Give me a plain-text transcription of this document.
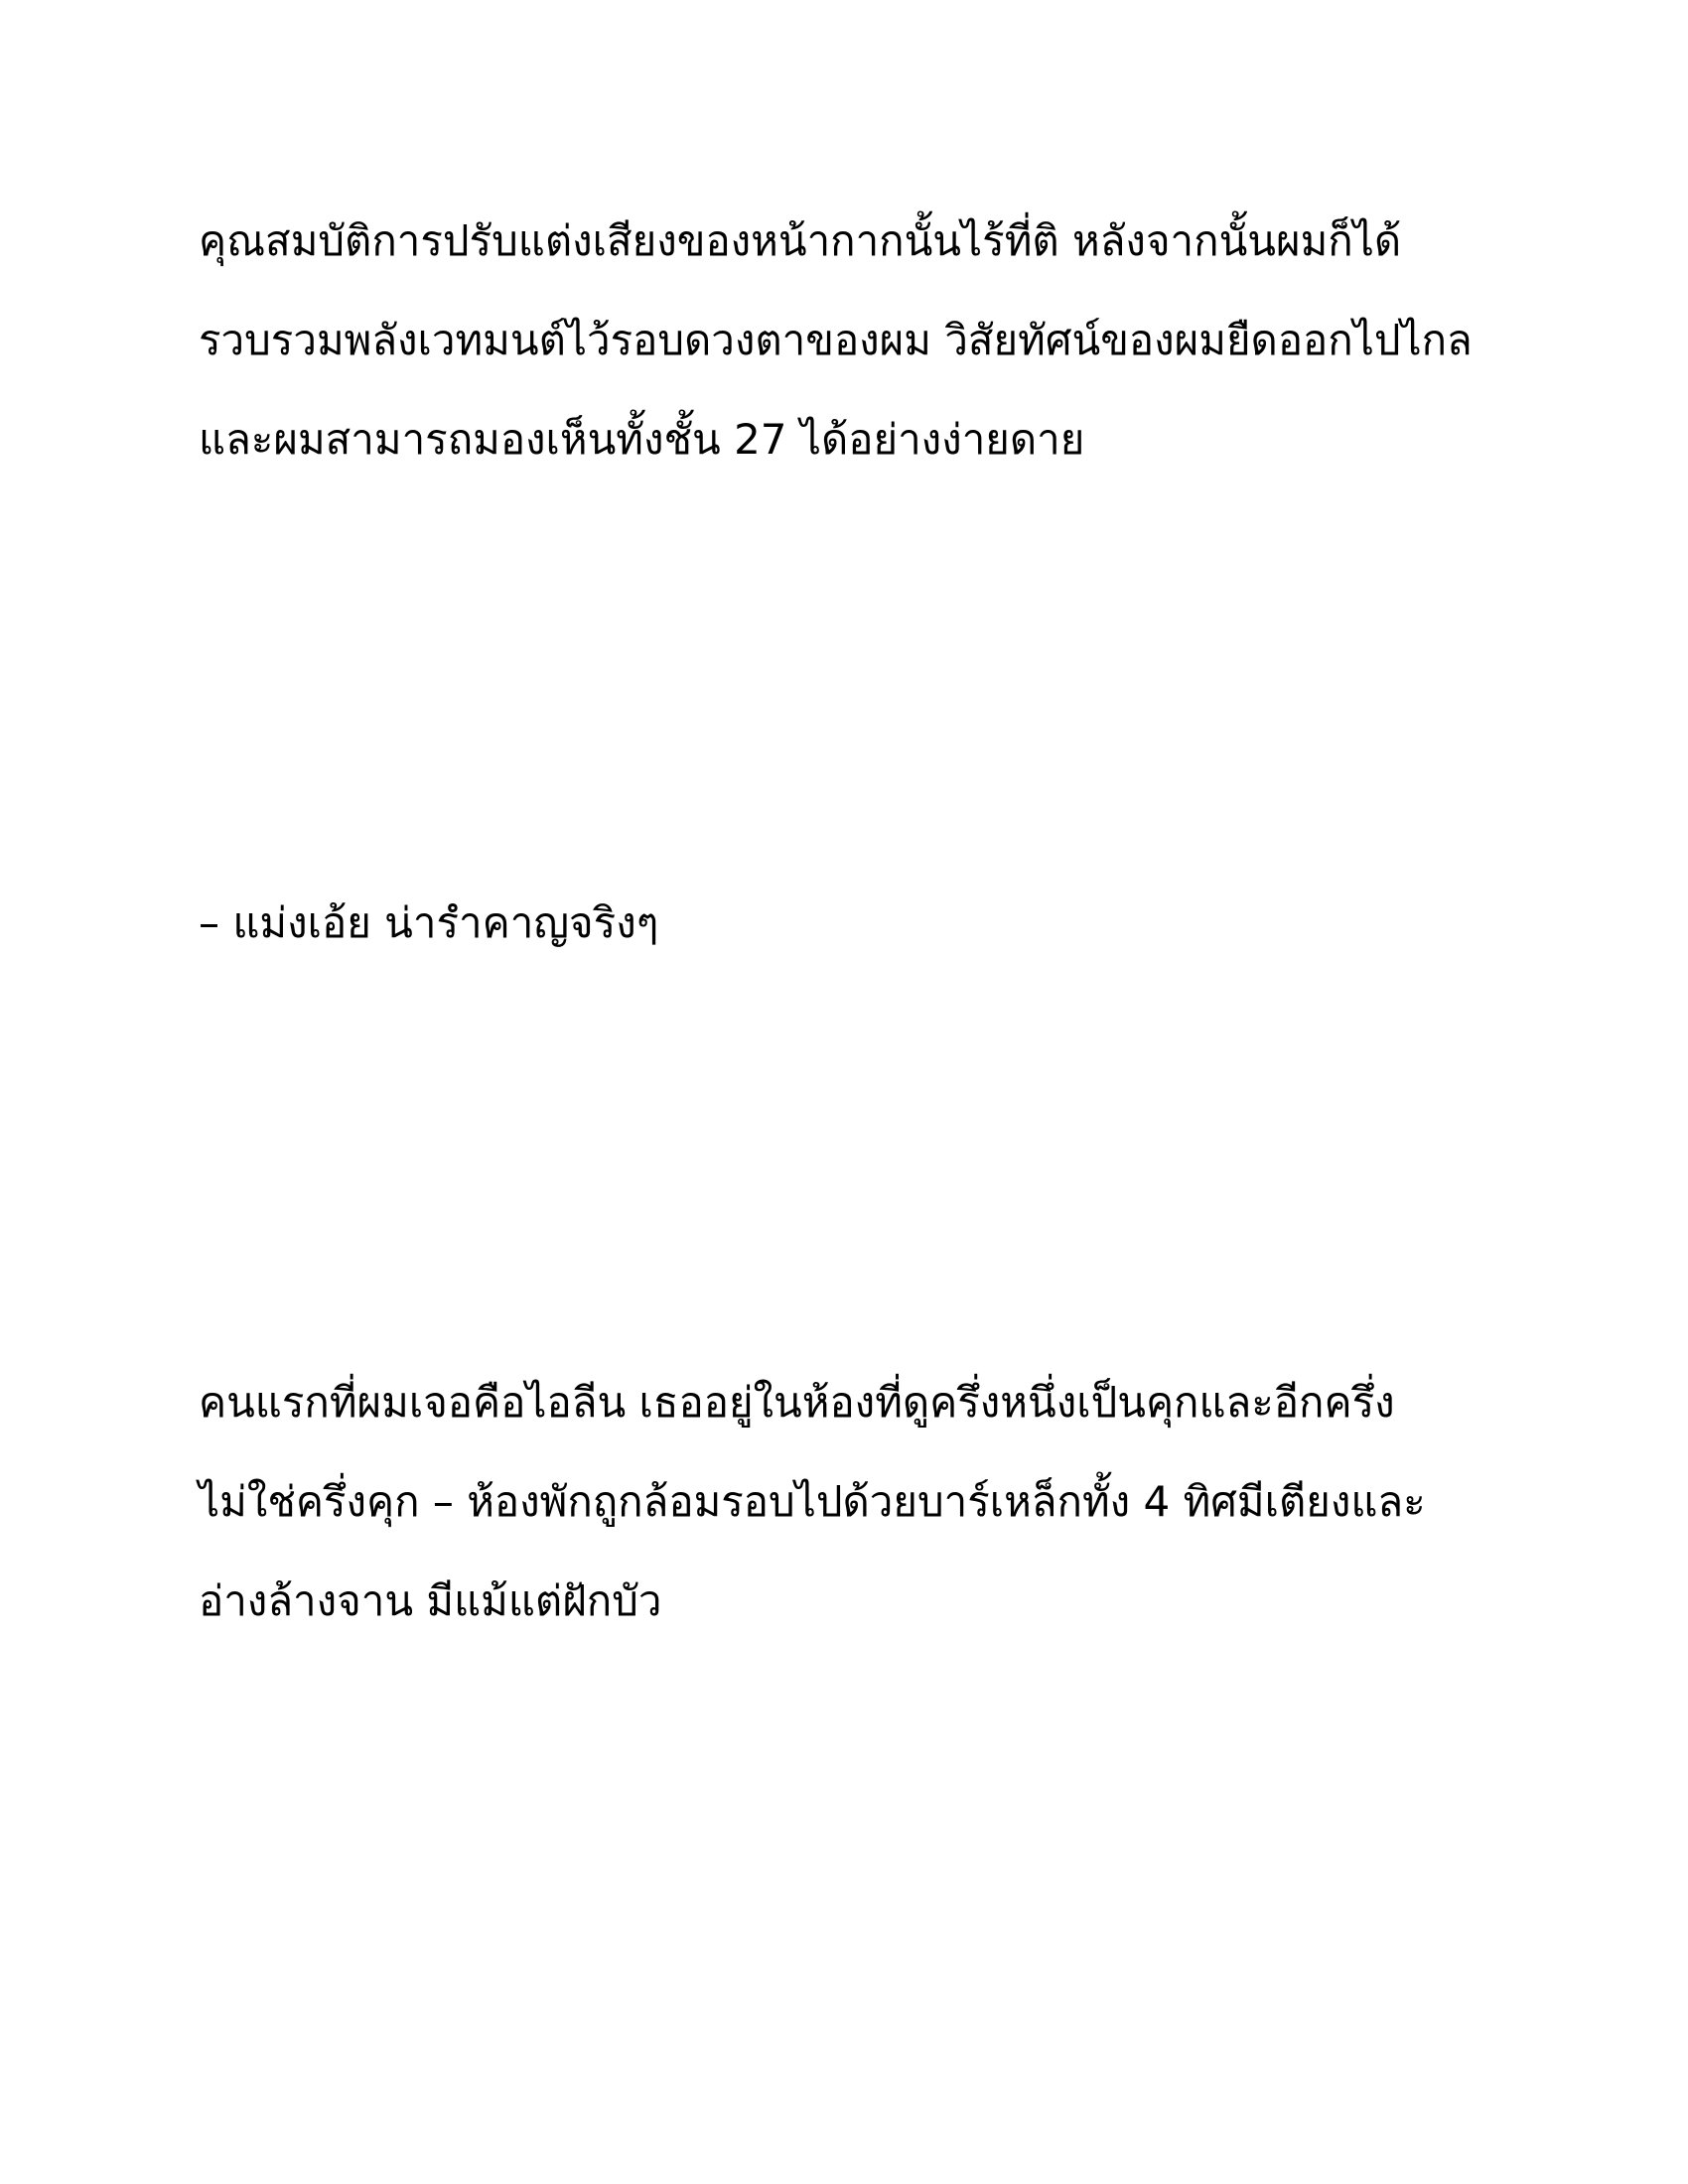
คุณสมบัติการปรับแต่งเสียงของหน้ากากนั้นไร้ที่ติ หลังจากนั้นผมก็ได้
รวบรวมพลังเวทมนต์ไว้รอบดวงตาของผม วิสัยทัศน์ของผมยืดออกไปไกล
และผมสามารถมองเห็นทั้งชั้น 27 ได้อย่างง่ายดาย
– แม่งเอ้ย น่ารำคาญจริงๆ
คนแรกที่ผมเจอคือไอลีน เธออยู่ในห้องที่ดูครึ่งหนึ่งเป็นคุกและอีกครึ่ง
ไม่ใช่ครึ่งคุก – ห้องพักถูกล้อมรอบไปด้วยบาร์เหล็กทั้ง 4 ทิศมีเตียงและ
อ่างล้างจาน มีแม้แต่ฝักบัว
